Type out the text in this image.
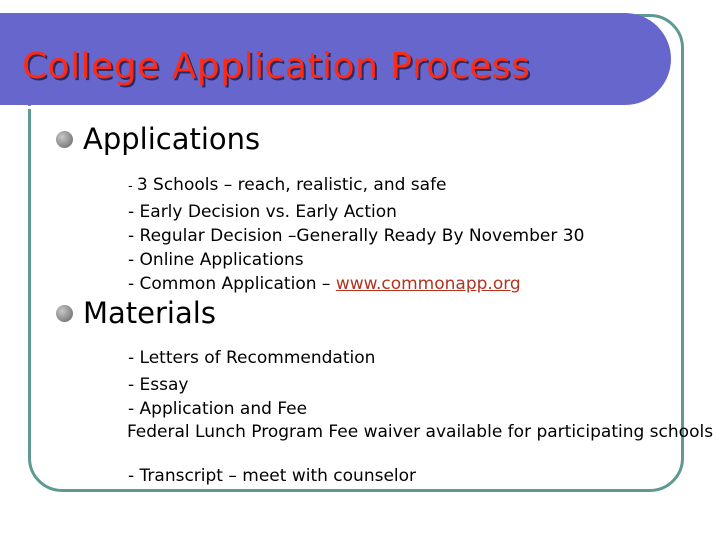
College Application Process
Applications
- 3 Schools – reach, realistic, and safe
- Early Decision vs. Early Action
- Regular Decision –Generally Ready By November 30
- Online Applications
- Common Application – www.commonapp.org
Materials
- Letters of Recommendation
- Essay
- Application and Fee
Federal Lunch Program Fee waiver available for participating schools
- Transcript – meet with counselor
